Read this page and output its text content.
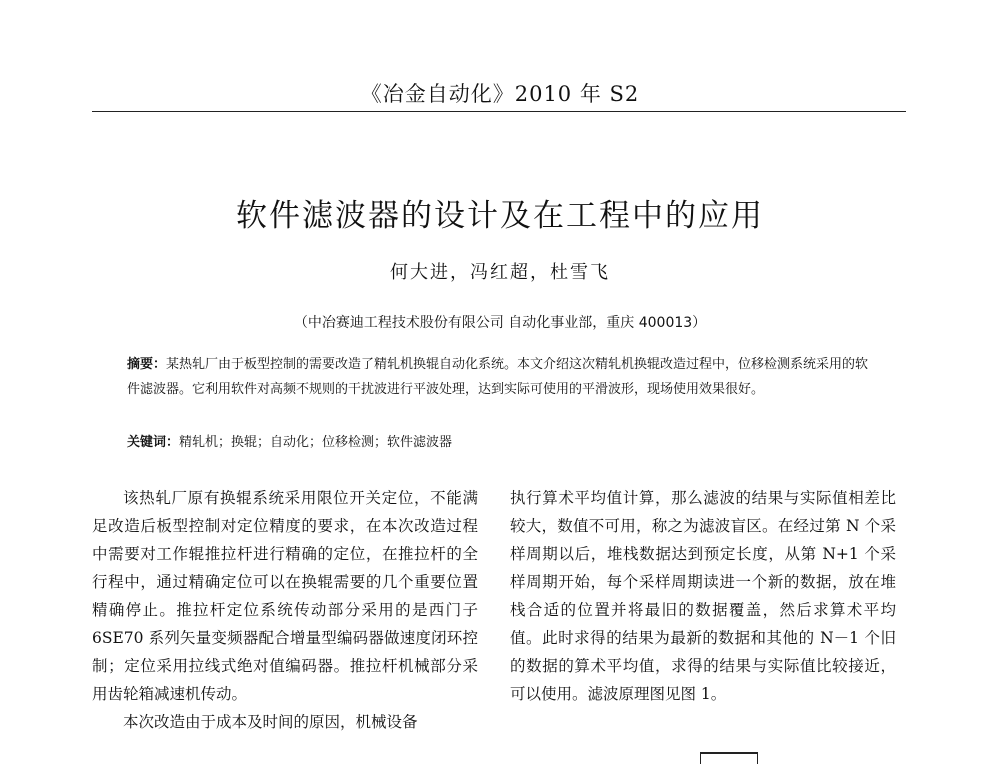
《冶金自动化》2010 年 S2
软件滤波器的设计及在工程中的应用
何大进，冯红超，杜雪飞
（中冶赛迪工程技术股份有限公司 自动化事业部，重庆 400013）

摘要：某热轧厂由于板型控制的需要改造了精轧机换辊自动化系统。本文介绍这次精轧机换辊改造过程中，位移检测系统采用的软件滤波器。它利用软件对高频不规则的干扰波进行平波处理，达到实际可使用的平滑波形，现场使用效果很好。

关键词：精轧机；换辊；自动化；位移检测；软件滤波器

该热轧厂原有换辊系统采用限位开关定位，不能满足改造后板型控制对定位精度的要求，在本次改造过程中需要对工作辊推拉杆进行精确的定位，在推拉杆的全行程中，通过精确定位可以在换辊需要的几个重要位置精确停止。推拉杆定位系统传动部分采用的是西门子 6SE70 系列矢量变频器配合增量型编码器做速度闭环控制；定位采用拉线式绝对值编码器。推拉杆机械部分采用齿轮箱减速机传动。

本次改造由于成本及时间的原因，机械设备

执行算术平均值计算，那么滤波的结果与实际值相差比较大，数值不可用，称之为滤波盲区。在经过第 N 个采样周期以后，堆栈数据达到预定长度，从第 N+1 个采样周期开始，每个采样周期读进一个新的数据，放在堆栈合适的位置并将最旧的数据覆盖，然后求算术平均值。此时求得的结果为最新的数据和其他的 N－1 个旧的数据的算术平均值，求得的结果与实际值比较接近，可以使用。滤波原理图见图 1。
